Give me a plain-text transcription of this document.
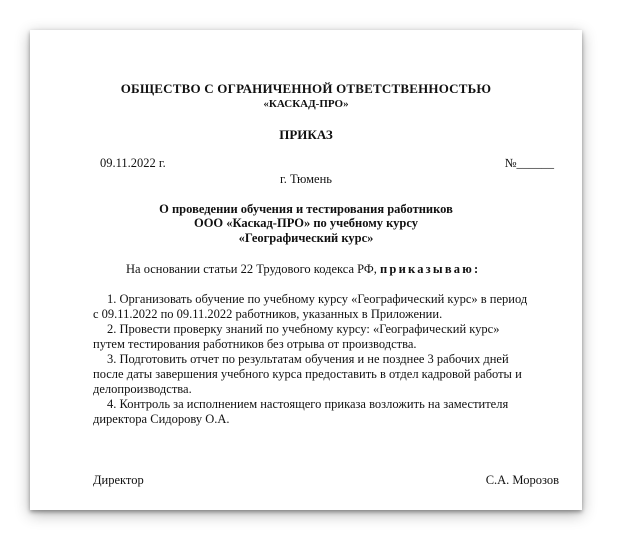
ОБЩЕСТВО С ОГРАНИЧЕННОЙ ОТВЕТСТВЕННОСТЬЮ
«КАСКАД-ПРО»
ПРИКАЗ
09.11.2022 г.	№______
г. Тюмень
О проведении обучения и тестирования работников
ООО «Каскад-ПРО» по учебному курсу
«Географический курс»
На основании статьи 22 Трудового кодекса РФ, приказываю:
1. Организовать обучение по учебному курсу «Географический курс» в период
с 09.11.2022 по 09.11.2022 работников, указанных в Приложении.
2. Провести проверку знаний по учебному курсу: «Географический курс»
путем тестирования работников без отрыва от производства.
3. Подготовить отчет по результатам обучения и не позднее 3 рабочих дней
после даты завершения учебного курса предоставить в отдел кадровой работы и
делопроизводства.
4. Контроль за исполнением настоящего приказа возложить на заместителя
директора Сидорову О.А.
Директор	С.А. Морозов
